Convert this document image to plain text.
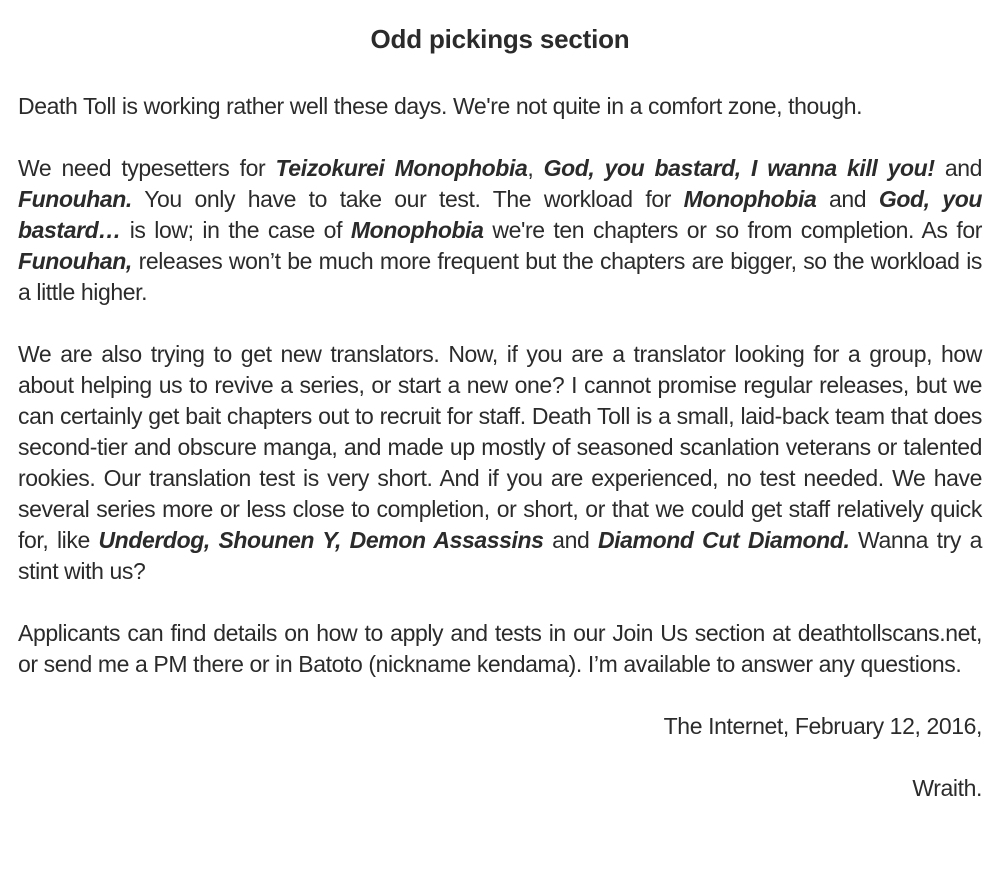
Odd pickings section

Death Toll is working rather well these days. We're not quite in a comfort zone, though.

We need typesetters for Teizokurei Monophobia, God, you bastard, I wanna kill you! and Funouhan. You only have to take our test. The workload for Monophobia and God, you bastard… is low; in the case of Monophobia we're ten chapters or so from completion. As for Funouhan, releases won’t be much more frequent but the chapters are bigger, so the workload is a little higher.

We are also trying to get new translators. Now, if you are a translator looking for a group, how about helping us to revive a series, or start a new one? I cannot promise regular releases, but we can certainly get bait chapters out to recruit for staff. Death Toll is a small, laid-back team that does second-tier and obscure manga, and made up mostly of seasoned scanlation veterans or talented rookies. Our translation test is very short. And if you are experienced, no test needed. We have several series more or less close to completion, or short, or that we could get staff relatively quick for, like Underdog, Shounen Y, Demon Assassins and Diamond Cut Diamond. Wanna try a stint with us?

Applicants can find details on how to apply and tests in our Join Us section at deathtollscans.net, or send me a PM there or in Batoto (nickname kendama). I’m available to answer any questions.

The Internet, February 12, 2016,

Wraith.
